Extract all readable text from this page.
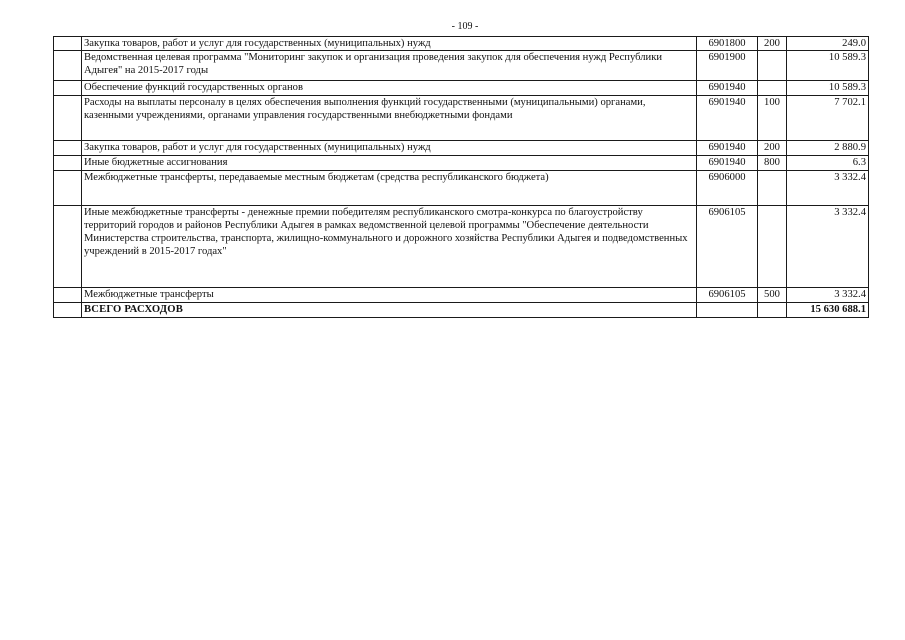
- 109 -
	Закупка товаров, работ и услуг для государственных (муниципальных) нужд	6901800	200	249.0
	Ведомственная целевая программа "Мониторинг закупок и организация проведения закупок для обеспечения нужд Республики Адыгея" на 2015-2017 годы	6901900		10 589.3
	Обеспечение функций государственных органов	6901940		10 589.3
	Расходы на выплаты персоналу в целях обеспечения выполнения функций государственными (муниципальными) органами, казенными учреждениями, органами управления государственными внебюджетными фондами	6901940	100	7 702.1
	Закупка товаров, работ и услуг для государственных (муниципальных) нужд	6901940	200	2 880.9
	Иные бюджетные ассигнования	6901940	800	6.3
	Межбюджетные трансферты, передаваемые местным бюджетам (средства республиканского бюджета)	6906000		3 332.4
	Иные межбюджетные трансферты - денежные премии победителям республиканского смотра-конкурса по благоустройству территорий городов и районов Республики Адыгея в рамках ведомственной целевой программы "Обеспечение деятельности Министерства строительства, транспорта, жилищно-коммунального и дорожного хозяйства Республики Адыгея и подведомственных учреждений в 2015-2017 годах"	6906105		3 332.4
	Межбюджетные трансферты	6906105	500	3 332.4
	ВСЕГО РАСХОДОВ			15 630 688.1
